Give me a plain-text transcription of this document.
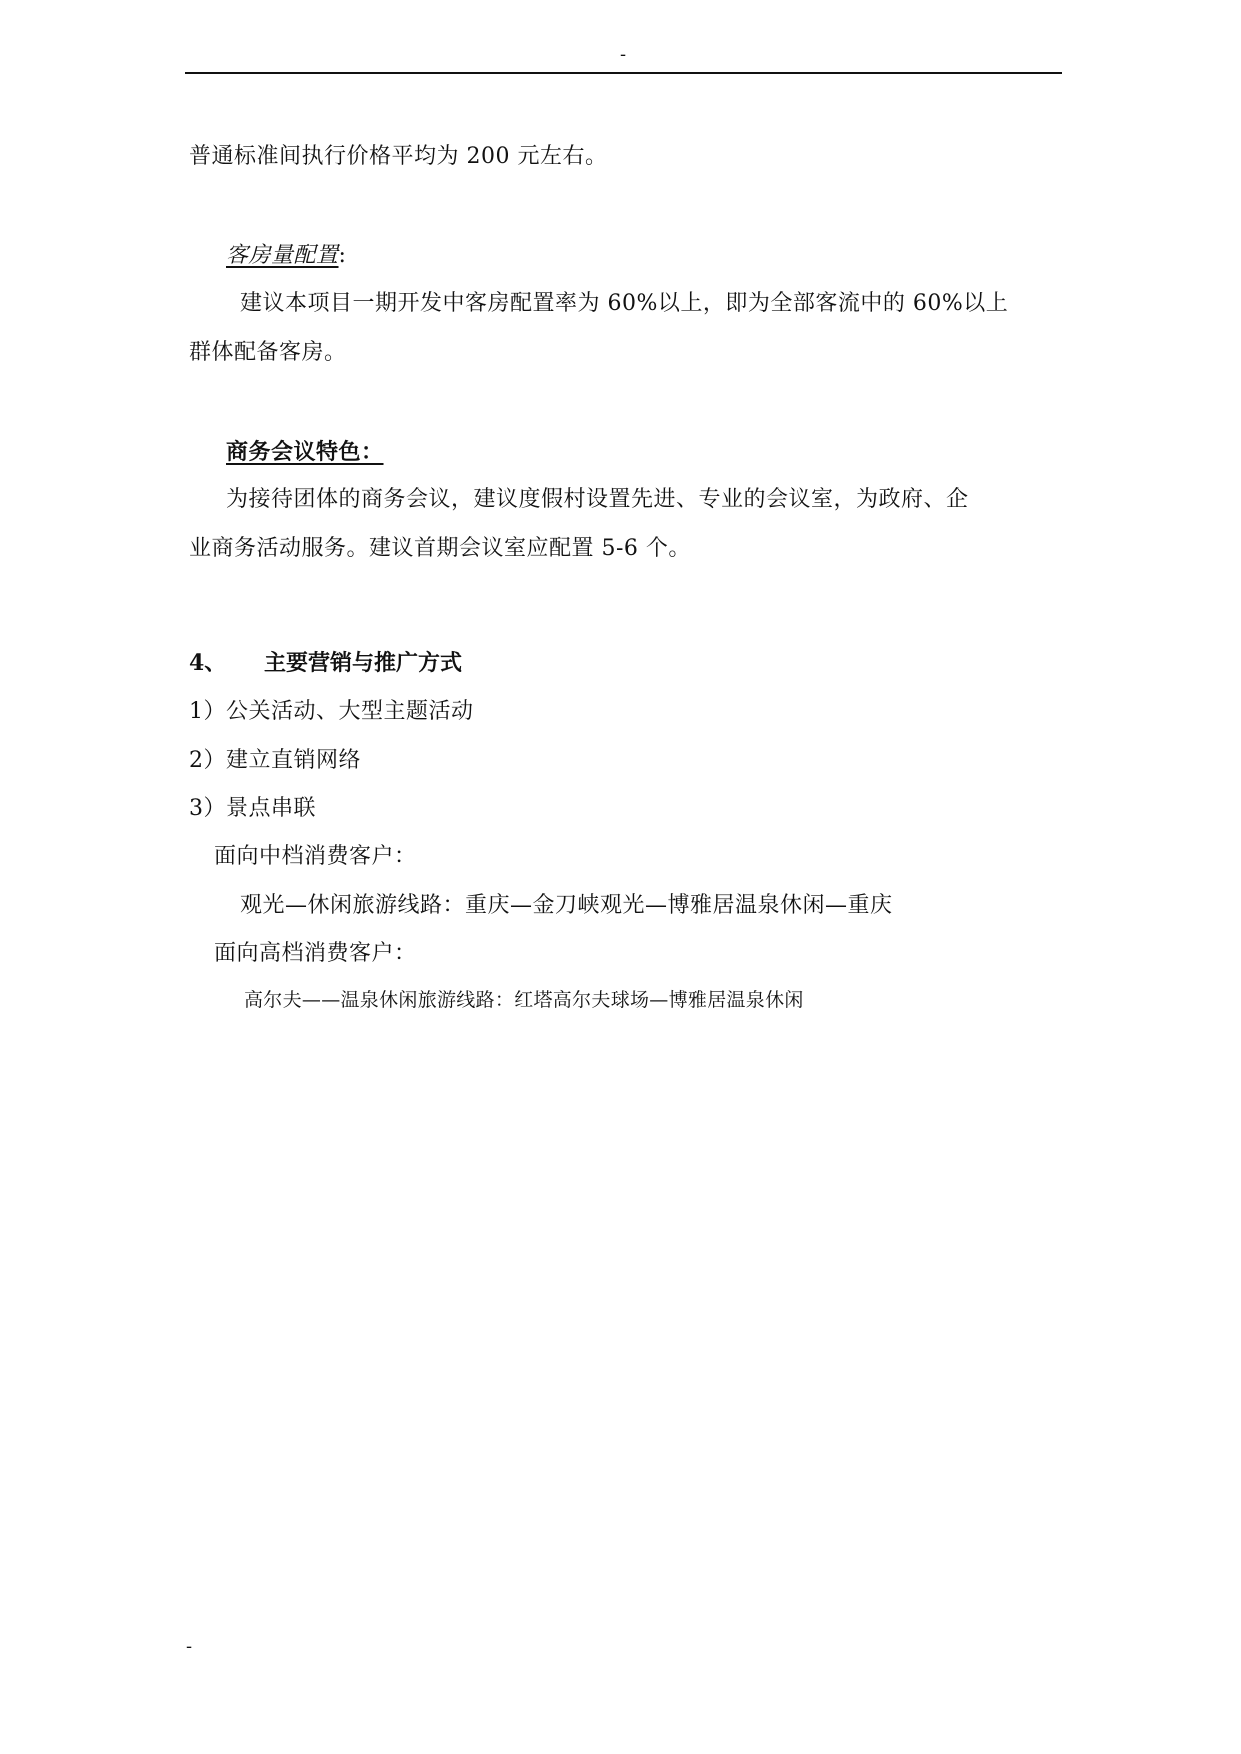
-
普通标准间执行价格平均为 200 元左右。
客房量配置:
建议本项目一期开发中客房配置率为 60%以上，即为全部客流中的 60%以上
群体配备客房。
商务会议特色：
为接待团体的商务会议，建议度假村设置先进、专业的会议室，为政府、企
业商务活动服务。建议首期会议室应配置 5-6 个。
4、 主要营销与推广方式
1）公关活动、大型主题活动
2）建立直销网络
3）景点串联
面向中档消费客户：
观光—休闲旅游线路：重庆—金刀峡观光—博雅居温泉休闲—重庆
面向高档消费客户：
高尔夫——温泉休闲旅游线路：红塔高尔夫球场—博雅居温泉休闲
-
